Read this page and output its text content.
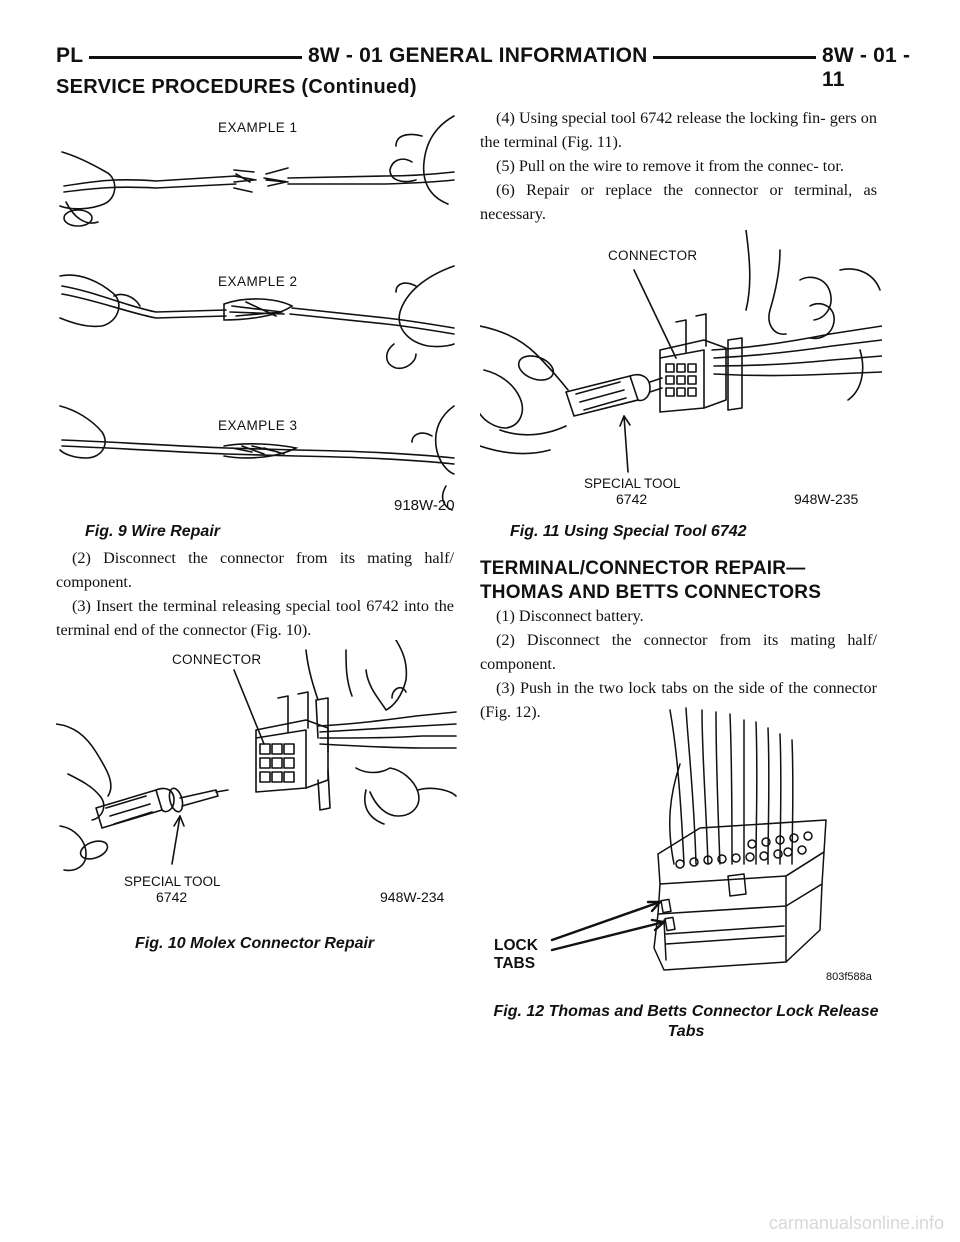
PL	8W - 01 GENERAL INFORMATION	8W - 01 - 11
SERVICE PROCEDURES (Continued)
EXAMPLE 1
EXAMPLE 2
EXAMPLE 3
918W-20
Fig. 9 Wire Repair

(2) Disconnect the connector from its mating half/ component.

(3) Insert the terminal releasing special tool 6742 into the terminal end of the connector (Fig. 10).

CONNECTOR
SPECIAL TOOL
6742	948W-234
Fig. 10 Molex Connector Repair

(4) Using special tool 6742 release the locking fin- gers on the terminal (Fig. 11).

(5) Pull on the wire to remove it from the connec- tor.

(6) Repair or replace the connector or terminal, as necessary.

CONNECTOR
SPECIAL TOOL
6742	948W-235
Fig. 11 Using Special Tool 6742
TERMINAL/CONNECTOR REPAIR—THOMAS AND BETTS CONNECTORS

(1) Disconnect battery.

(2) Disconnect the connector from its mating half/ component.

(3) Push in the two lock tabs on the side of the connector (Fig. 12).

LOCK
TABS
803f588a
Fig. 12 Thomas and Betts Connector Lock Release
Tabs
carmanualsonline.info
